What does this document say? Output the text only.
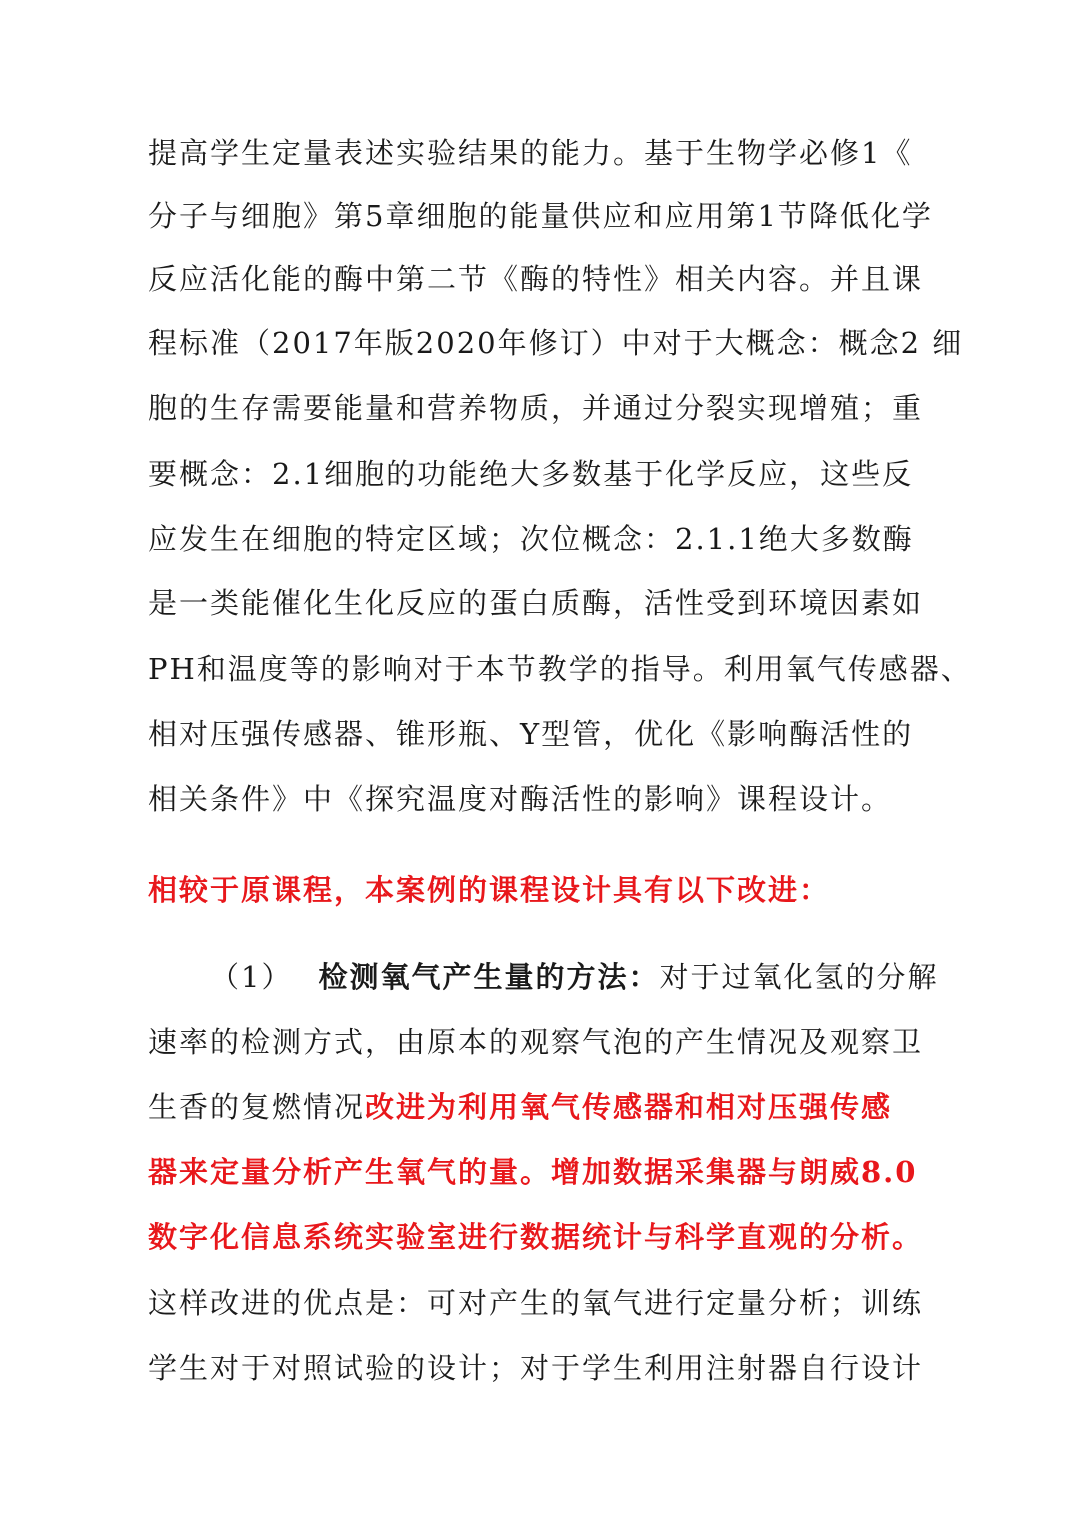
提高学生定量表述实验结果的能力。基于生物学必修1《
分子与细胞》第5章细胞的能量供应和应用第1节降低化学
反应活化能的酶中第二节《酶的特性》相关内容。并且课
程标准（2017年版2020年修订）中对于大概念：概念2 细
胞的生存需要能量和营养物质，并通过分裂实现增殖；重
要概念：2.1细胞的功能绝大多数基于化学反应，这些反
应发生在细胞的特定区域；次位概念：2.1.1绝大多数酶
是一类能催化生化反应的蛋白质酶，活性受到环境因素如
PH和温度等的影响对于本节教学的指导。利用氧气传感器、
相对压强传感器、锥形瓶、Y型管，优化《影响酶活性的
相关条件》中《探究温度对酶活性的影响》课程设计。
相较于原课程，本案例的课程设计具有以下改进：
（1） 检测氧气产生量的方法：对于过氧化氢的分解
速率的检测方式，由原本的观察气泡的产生情况及观察卫
生香的复燃情况改进为利用氧气传感器和相对压强传感
器来定量分析产生氧气的量。增加数据采集器与朗威8.0
数字化信息系统实验室进行数据统计与科学直观的分析。
这样改进的优点是：可对产生的氧气进行定量分析；训练
学生对于对照试验的设计；对于学生利用注射器自行设计
